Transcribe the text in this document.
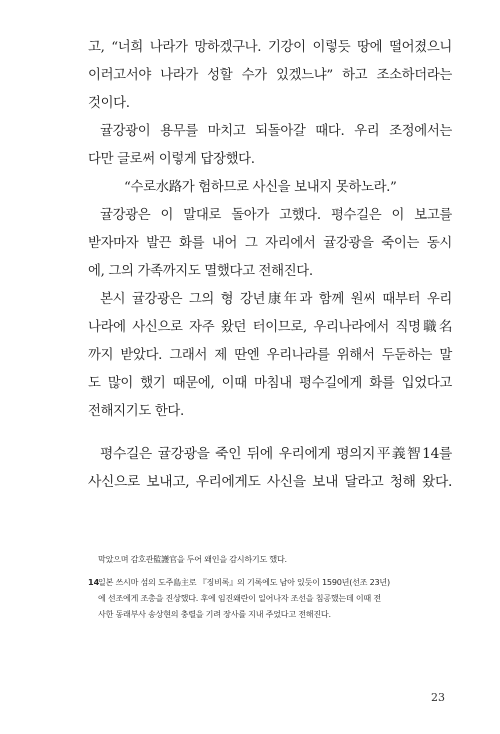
고, “너희 나라가 망하겠구나. 기강이 이렇듯 땅에 떨어졌으니
이러고서야 나라가 성할 수가 있겠느냐” 하고 조소하더라는
것이다.
귤강광이 용무를 마치고 되돌아갈 때다. 우리 조정에서는
다만 글로써 이렇게 답장했다.
“수로水路가 험하므로 사신을 보내지 못하노라.”
귤강광은 이 말대로 돌아가 고했다. 평수길은 이 보고를
받자마자 발끈 화를 내어 그 자리에서 귤강광을 죽이는 동시
에, 그의 가족까지도 멸했다고 전해진다.
본시 귤강광은 그의 형 강년康年과 함께 원씨 때부터 우리
나라에 사신으로 자주 왔던 터이므로, 우리나라에서 직명職名
까지 받았다. 그래서 제 딴엔 우리나라를 위해서 두둔하는 말
도 많이 했기 때문에, 이때 마침내 평수길에게 화를 입었다고
전해지기도 한다.
평수길은 귤강광을 죽인 뒤에 우리에게 평의지平義智14를
사신으로 보내고, 우리에게도 사신을 보내 달라고 청해 왔다.
막았으며 감호관監護官을 두어 왜인을 감시하기도 했다.
14
일본 쓰시마 섬의 도주島主로 『징비록』의 기록에도 남아 있듯이 1590년(선조 23년)
에 선조에게 조총을 진상했다. 후에 임진왜란이 일어나자 조선을 침공했는데 이때 전
사한 동래부사 송상현의 충렬을 기려 장사를 지내 주었다고 전해진다.
23
